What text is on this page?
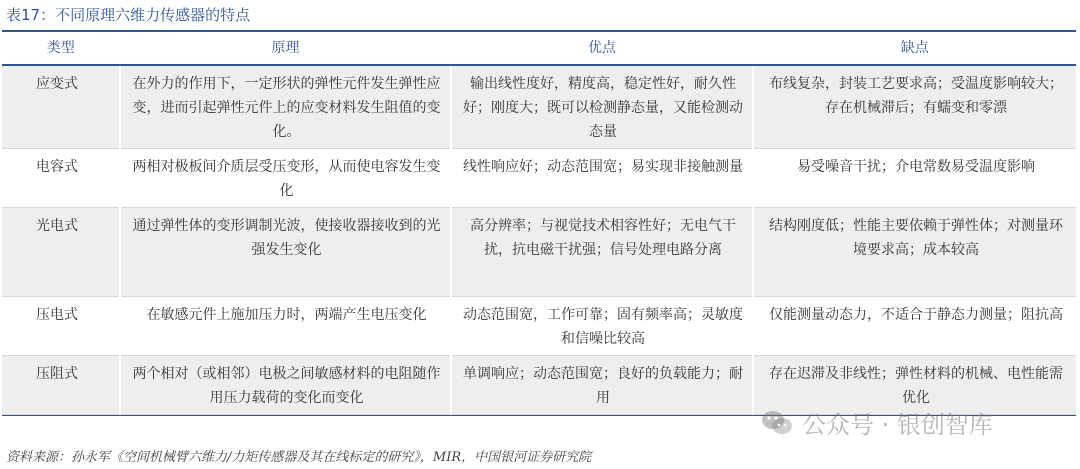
表17：不同原理六维力传感器的特点
类型	原理	优点	缺点
应变式	在外力的作用下，一定形状的弹性元件发生弹性应变，进而引起弹性元件上的应变材料发生阻值的变化。	输出线性度好，精度高，稳定性好，耐久性好；刚度大；既可以检测静态量，又能检测动态量	布线复杂，封装工艺要求高；受温度影响较大；存在机械滞后；有蠕变和零漂
电容式	两相对极板间介质层受压变形，从而使电容发生变化	线性响应好；动态范围宽；易实现非接触测量	易受噪音干扰；介电常数易受温度影响
光电式	通过弹性体的变形调制光波，使接收器接收到的光强发生变化	高分辨率；与视觉技术相容性好；无电气干扰，抗电磁干扰强；信号处理电路分离	结构刚度低；性能主要依赖于弹性体；对测量环境要求高；成本较高
压电式	在敏感元件上施加压力时，两端产生电压变化	动态范围宽，工作可靠；固有频率高；灵敏度和信噪比较高	仅能测量动态力，不适合于静态力测量；阻抗高
压阻式	两个相对（或相邻）电极之间敏感材料的电阻随作用压力载荷的变化而变化	单调响应；动态范围宽；良好的负载能力；耐用	存在迟滞及非线性；弹性材料的机械、电性能需优化
公众号 · 银创智库
资料来源：孙永军《空间机械臂六维力/力矩传感器及其在线标定的研究》，MIR，中国银河证券研究院
